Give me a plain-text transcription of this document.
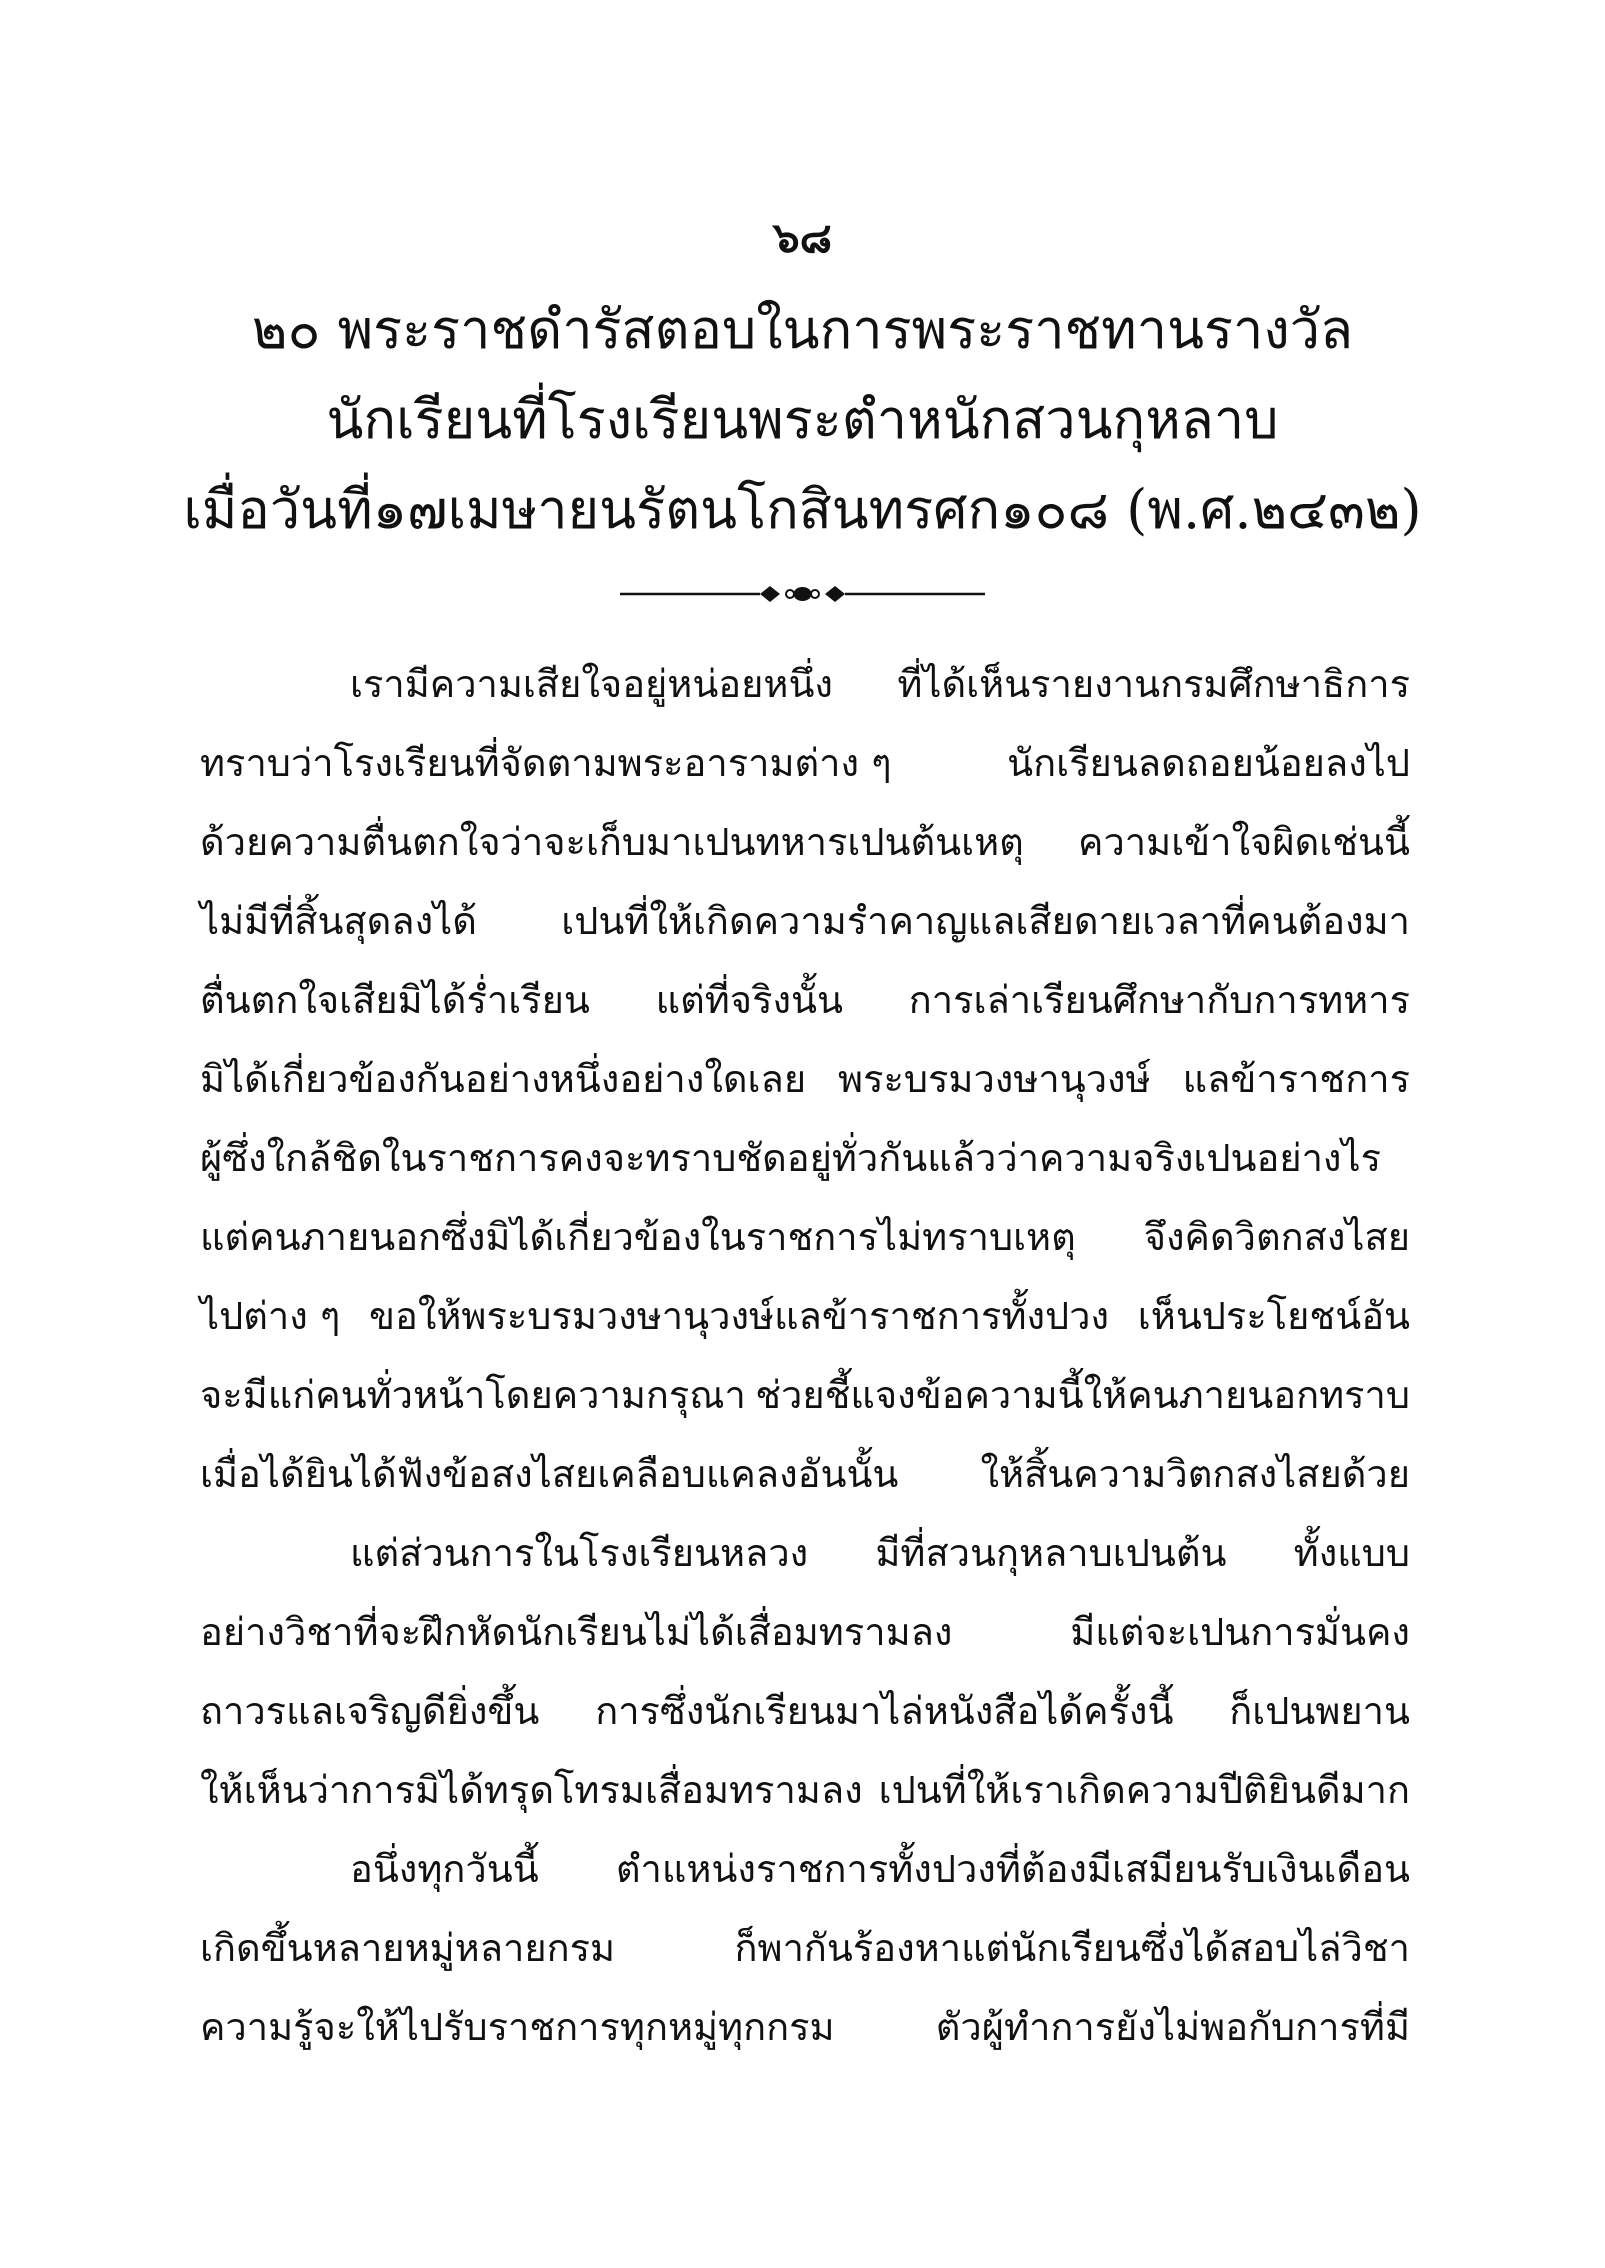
๖๘
๒๐ พระราชดำรัสตอบในการพระราชทานรางวัล
นักเรียนที่โรงเรียนพระตำหนักสวนกุหลาบ
เมื่อวันที่๑๗เมษายนรัตนโกสินทรศก๑๐๘ (พ.ศ.๒๔๓๒)
เรามีความเสียใจอยู่หน่อยหนึ่ง ที่ได้เห็นรายงานกรมศึกษาธิการ
ทราบว่าโรงเรียนที่จัดตามพระอารามต่าง ๆ	นักเรียนลดถอยน้อยลงไป
ด้วยความตื่นตกใจว่าจะเก็บมาเปนทหารเปนต้นเหตุ ความเข้าใจผิดเช่นนี้
ไม่มีที่สิ้นสุดลงได้ เปนที่ให้เกิดความรำคาญแลเสียดายเวลาที่คนต้องมา
ตื่นตกใจเสียมิได้ร่ำเรียน แต่ที่จริงนั้น การเล่าเรียนศึกษากับการทหาร
มิได้เกี่ยวข้องกันอย่างหนึ่งอย่างใดเลย พระบรมวงษานุวงษ์ แลข้าราชการ
ผู้ซึ่งใกล้ชิดในราชการคงจะทราบชัดอยู่ทั่วกันแล้วว่าความจริงเปนอย่างไร
แต่คนภายนอกซึ่งมิได้เกี่ยวข้องในราชการไม่ทราบเหตุ จึงคิดวิตกสงไสย
ไปต่าง ๆ ขอให้พระบรมวงษานุวงษ์แลข้าราชการทั้งปวง เห็นประโยชน์อัน
จะมีแก่คนทั่วหน้าโดยความกรุณา ช่วยชี้แจงข้อความนี้ให้คนภายนอกทราบ
เมื่อได้ยินได้ฟังข้อสงไสยเคลือบแคลงอันนั้น ให้สิ้นความวิตกสงไสยด้วย
แต่ส่วนการในโรงเรียนหลวง มีที่สวนกุหลาบเปนต้น ทั้งแบบ
อย่างวิชาที่จะฝึกหัดนักเรียนไม่ได้เสื่อมทรามลง	มีแต่จะเปนการมั่นคง
ถาวรแลเจริญดียิ่งขึ้น การซึ่งนักเรียนมาไล่หนังสือได้ครั้งนี้ ก็เปนพยาน
ให้เห็นว่าการมิได้ทรุดโทรมเสื่อมทรามลง เปนที่ให้เราเกิดความปีติยินดีมาก
อนึ่งทุกวันนี้ ตำแหน่งราชการทั้งปวงที่ต้องมีเสมียนรับเงินเดือน
เกิดขึ้นหลายหมู่หลายกรม	ก็พากันร้องหาแต่นักเรียนซึ่งได้สอบไล่วิชา
ความรู้จะให้ไปรับราชการทุกหมู่ทุกกรม	ตัวผู้ทำการยังไม่พอกับการที่มี
